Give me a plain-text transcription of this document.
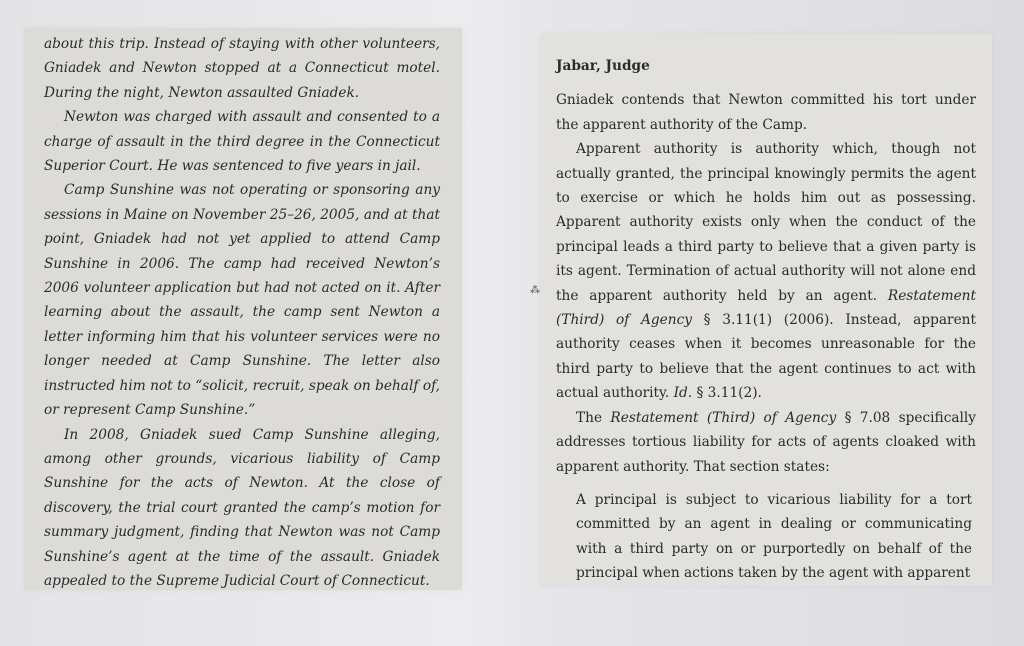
about this trip. Instead of staying with other volunteers, Gniadek and Newton stopped at a Connecticut motel. During the night, Newton assaulted Gniadek.

Newton was charged with assault and consented to a charge of assault in the third degree in the Connecticut Superior Court. He was sentenced to five years in jail.

Camp Sunshine was not operating or sponsoring any sessions in Maine on November 25–26, 2005, and at that point, Gniadek had not yet applied to attend Camp Sunshine in 2006. The camp had received Newton’s 2006 volunteer application but had not acted on it. After learning about the assault, the camp sent Newton a letter informing him that his volunteer services were no longer needed at Camp Sunshine. The letter also instructed him not to “solicit, recruit, speak on behalf of, or represent Camp Sunshine.”

In 2008, Gniadek sued Camp Sunshine alleging, among other grounds, vicarious liability of Camp Sunshine for the acts of Newton. At the close of discovery, the trial court granted the camp’s motion for summary judgment, finding that Newton was not Camp Sunshine’s agent at the time of the assault. Gniadek appealed to the Supreme Judicial Court of Connecticut.

⁂

Jabar, Judge

Gniadek contends that Newton committed his tort under the apparent authority of the Camp.

Apparent authority is authority which, though not actually granted, the principal knowingly permits the agent to exercise or which he holds him out as possessing. Apparent authority exists only when the conduct of the principal leads a third party to believe that a given party is its agent. Termination of actual authority will not alone end the apparent authority held by an agent. Restatement (Third) of Agency § 3.11(1) (2006). Instead, apparent authority ceases when it becomes unreasonable for the third party to believe that the agent continues to act with actual authority. Id. § 3.11(2).

The Restatement (Third) of Agency § 7.08 specifically addresses tortious liability for acts of agents cloaked with apparent authority. That section states:

A principal is subject to vicarious liability for a tort committed by an agent in dealing or communicating with a third party on or purportedly on behalf of the principal when actions taken by the agent with apparent
